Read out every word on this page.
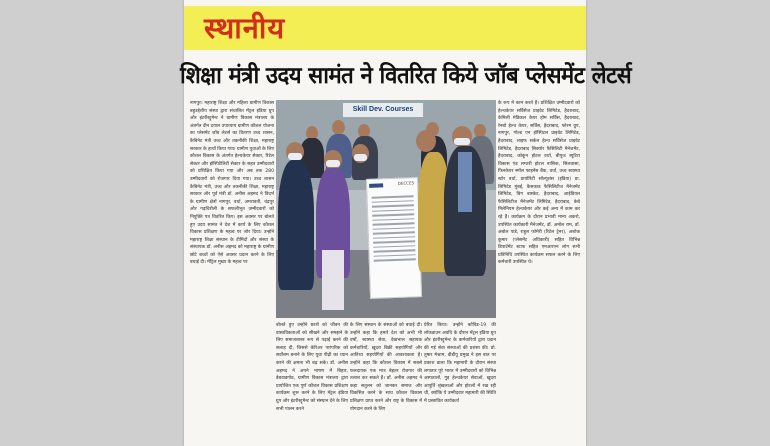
स्थानीय
शिक्षा मंत्री उदय सामंत ने वितरित किये जॉब प्लेसमेंट लेटर्स
नागपुर। महाराष्ट्र शिक्षा और महिला ग्रामीण विकास बहुउद्देशीय संस्था द्वारा संचालित मॅट्रल इंडिया ग्रुप और इंटरीस्ट्रूमेन्ट ने ग्रामीण विकास मंत्रालय के अंतर्गत दीन दयाल उपाध्याय ग्रामीण कौशल योजना का प्लेसमेंट जॉब लेटर्स का वितरण उच्च शासन, कैबिनेट मंत्री उच्च और तकनीकी शिक्षा, महाराष्ट्र सरकार के हाथों किया गया। ग्रामीण युवाओं के लिए कौशल विकास के अंतर्गत हेल्थकेयर सेक्टर, रिटेल सेक्टर और हॉस्पिटैलिटी सेक्टर के सहत उम्मीदवारों को प्रशिक्षित किया गया और अब तक 280 उम्मीदवारों को रोजगार दिया गया। उच्च शासन कैबिनेट मंत्री, उच्च और तकनीकी शिक्षा, महाराष्ट्र सरकार और पूर्व मंत्री डॉ. अनीस अहमद ने विदर्भ के ग्रामीण क्षेत्रों नागपुर, वर्धा, अमरावती, चंद्रपुर और गढ़चिरौली के सफलीभूत उम्मीदवारों को नियुक्ति पत्र वितरित किए। इस अवसर पर बोलते हुए उदय सामंत ने देश में कार्य के लिए कौशल विकास प्रशिक्षण के महत्व पर जोर दिया। उन्होंने महाराष्ट्र शिक्षा संस्थान के टीमिंदों और संस्था के संस्थापक डॉ. अनीस अहमद को महाराष्ट्र के ग्रामीण छोटे बच्चों को ऐसे अवसर प्रदान करने के लिए बधाई दी। मॅट्रिल मुख्य के महत्व पर
Skill Dev. Courses
DECCES
बोलते हुए उन्होंने छात्रों को जीवन की वास्तविकताओं को सीखने और समझने के लिए समाजशास्त्र रूप से पढ़ाई करने की सलाह दी, जिससे कॅरिअर पारंपरिक को सर्वोत्तम बनाने के लिए युवा पीढ़ी का ध्यान करने की क्षमता भी बढ़ सके। डॉ. अनीस अहमद ने अपने भाषण में बिहार, डेबवाडगोठ, ग्रामीण विकास मंत्रालय द्वारा प्रायोजित एक पूर्ण कौशल विकास प्रशिक्षण कार्यक्रम शुरू करने के लिए मॅट्रल इंडिया ग्रुप और इंटरीस्ट्रूमेन्ट को संस्थान देने के लिए सभी पालन करने
के लिए संस्थान के संस्थाओं को बधाई दी। उन्होंने कहा कि हमारे देश को अभी भी वर्षों, स्वास्थ्य सेवा, देखभाल सहायक कर्मचारियों, खुदरा बिक्री सहयोगियों और आतिथ्य सहयोगियों की आवश्यकता है। उन्होंने कहा कि कौशल विकास में सबसे फलदायक एक मात्र बेहतर रोजगार की तलाश कर सकते हैं। डॉ. अनीस अहमद ने कहा सतुलन को जानकर समाज और विकसित करने के साथ कौशल विकास प्रशिक्षण प्राप्त करने और राष्ट्र के विकास में योगदान करने के लिए
प्रेरित किया। उन्होंने कोविड-19 की लॉकडाउन अवधि के दौरान मॅट्रल इंडिया ग्रुप और इंटरीस्ट्रूमेन्ट के कर्मचारियों द्वारा प्रदान की गई सेवा संस्थाओं की प्रशंसा की। प्रो. तुषार मेश्राम, डीडीयू प्रमुख ने इस बात पर प्रकाश डाला कि महामारी के दौरान संस्था लगातार पूरे भारत में उम्मीदवारों को विभिन्न अस्पतालों, गुड़ हेल्थकेयर सेवाओं, खुदरा आपूर्ति श्रृंखलाओं और होटलों में रख रही थी, क्योंकि ये उम्मीदवार महामारी की स्थिति में प्रस्तावित कार्यकर्ता
के रूप में काम करते हैं। प्रशिक्षित उम्मीदवारों को हेल्थकेयर सर्विसेज प्राइवेट लिमिटेड, हैदराबाद, केमिली मेडिकल केयर होम सर्विस, हैदराबाद, रेनबो हेल्थ केयर, सर्विस, हैदराबाद, फोरम ग्रुप, नागपुर, गोल्ड एन हॉस्पिटल प्राइवेट लिमिटेड, हैदराबाद, लाइफ सर्कल हेल्थ सर्विसेज प्राइवेट लिमिटेड, हैदराबाद सिक्योर फैसिलिटी मैनेजमेंट, हैदराबाद, कोकून होटल वर्धा, बीयूज ब्यूटिरा विकास एंड लग्जरी होटल नासिक, सिलवासा, फिनकेयर स्मॉल फाइनेंस बैंक, वर्धा, उच्च स्वास्थ्य स्टोर वर्धा, प्रायोरिटी सॉल्यूशंस (इंडिया) प्रा. लिमिटेड मुंबई, कैसकाड फैसिलिटीज मैनेजमेंट लिमिटेड, बिग बास्केट, हैदराबाद, आईडियल फैसिलिटीज मैनेजमेंट लिमिटेड, हैदराबाद, केबे मिलेनियम हेल्थकेयर और कई अन्य में काम कर रहे हैं। कार्यक्रम के दौरान प्रभावी मान्य अकरो, उपस्थित कार्यकारी मैनेजमेंट, डॉ. अमोल राम, डॉ. अबोल पाडे, राहुल फोमेरी (रिटेल ट्रेनर), अशोक कुमार (प्लेसमेंट अधिकारी) सहित विभिन्न डिपार्टमेंट स्टाफ सहित एमआरएन लोग सभी प्रतिनिधि उपस्थित कार्यक्रम सफल करने के लिए कर्मचारी उपस्थित थे।
